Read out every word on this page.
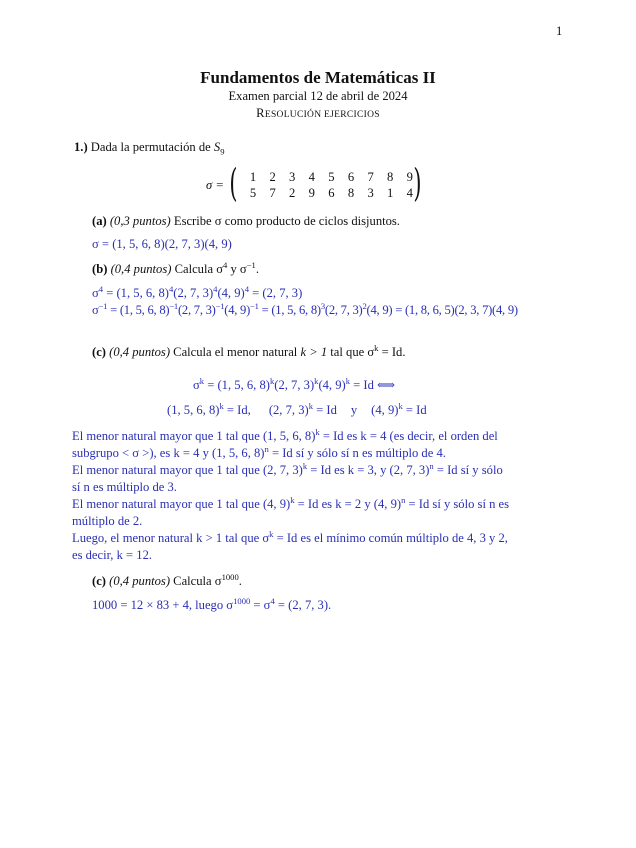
1
Fundamentos de Matemáticas II
Examen parcial 12 de abril de 2024
RESOLUCIÓN EJERCICIOS
1.) Dada la permutación de $S_9$
σ = (	)
1	2	3	4	5	6	7	8	9
5	7	2	9	6	8	3	1	4
(a) (0,3 puntos) Escribe σ como producto de ciclos disjuntos.
σ = (1, 5, 6, 8)(2, 7, 3)(4, 9)
(b) (0,4 puntos) Calcula $\sigma^4$ y $\sigma^{-1}$.
$\sigma^4 = (1$, 5, 6, 8)$^4$(2, 7, 3)$^4$(4, 9)$^4$ = (2, 7, 3)
$\sigma^{-1} = (1$, 5, 6, 8)$^{-1}$(2, 7, 3)$^{-1}$(4, 9)$^{-1}$ = (1, 5, 6, 8)$^3$(2, 7, 3)$^2$(4, 9) = (1, 8, 6, 5)(2, 3, 7)(4, 9)
(c) (0,4 puntos) Calcula el menor natural k > 1 tal que $\sigma^k = Id$.
$\sigma^k = (1$, 5, 6, 8)$^k$(2, 7, 3)$^k$(4, 9)$^k$ = Id ⟺
(1, 5, 6, 8)$^k$ = Id, (2, 7, 3)$^k$ = Id y (4, 9)$^k$ = Id
El menor natural mayor que 1 tal que (1, 5, 6, 8)$^k$ = Id es k = 4 (es decir, el orden del
subgrupo < σ >), es k = 4 y (1, 5, 6, 8)$^n$ = Id sí y sólo sí n es múltiplo de 4.
El menor natural mayor que 1 tal que (2, 7, 3)$^k$ = Id es k = 3, y (2, 7, 3)$^n$ = Id sí y sólo
sí n es múltiplo de 3.
El menor natural mayor que 1 tal que (4, 9)$^k$ = Id es k = 2 y (4, 9)$^n$ = Id sí y sólo sí n es
múltiplo de 2.
Luego, el menor natural k > 1 tal que $\sigma^k = Id$ es el mínimo común múltiplo de 4, 3 y 2,
es decir, k = 12.
(c) (0,4 puntos) Calcula $\sigma^{1000}$.
1000 = 12 × 83 + 4, luego $\sigma^{1000} = \sigma^4 = (2$, 7, 3).
